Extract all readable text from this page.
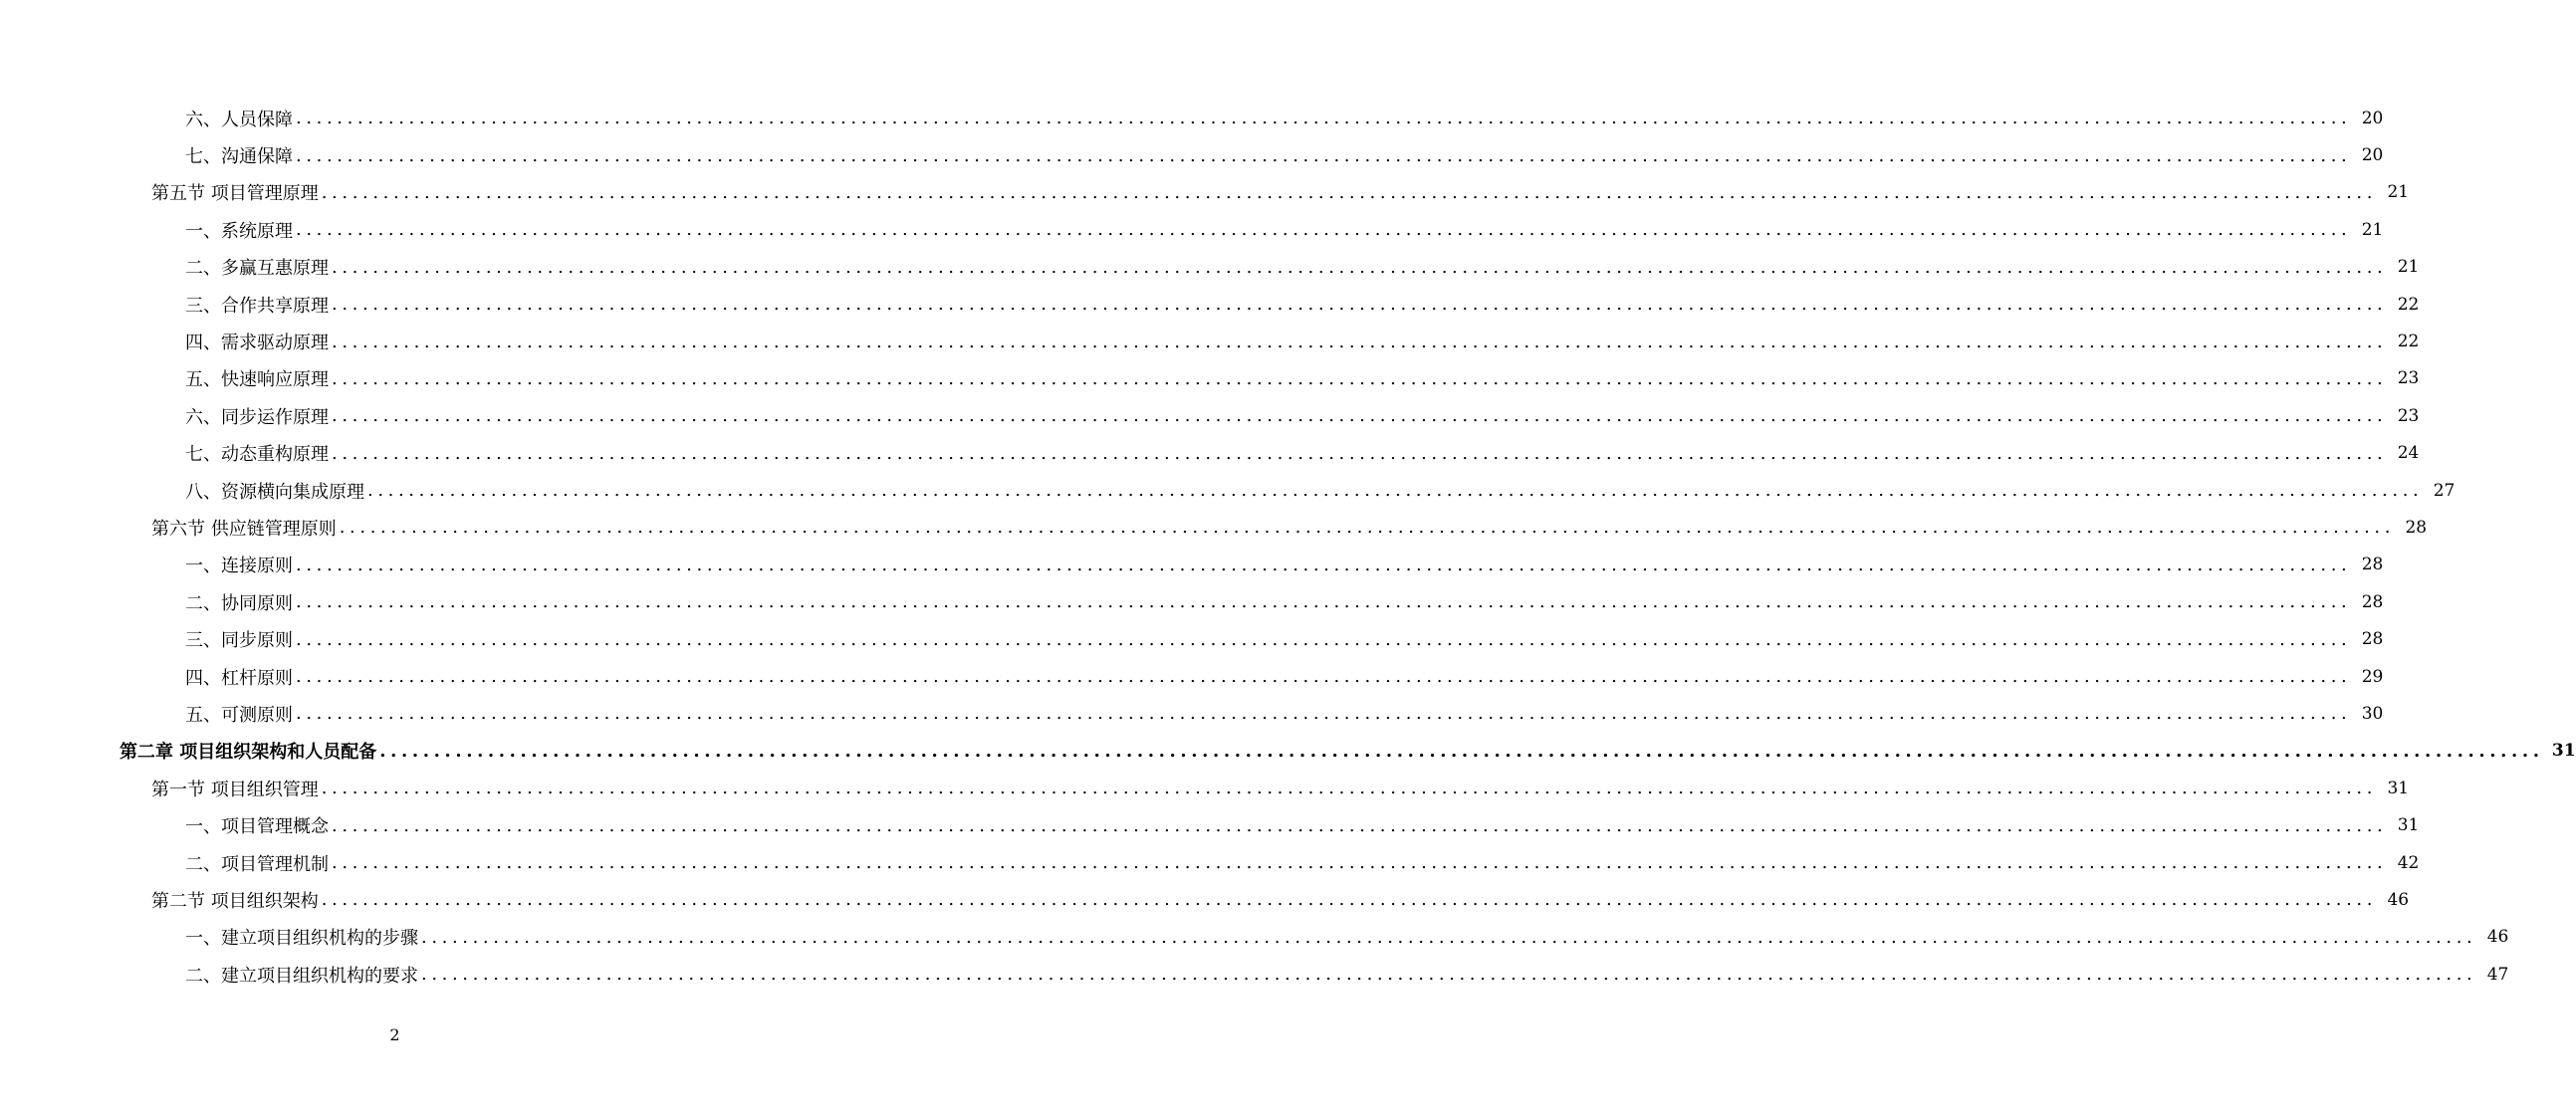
六、人员保障 ........................................................................................................................................................................................................ 20
七、沟通保障 ........................................................................................................................................................................................................ 20
第五节 项目管理原理 ........................................................................................................................................................................................................ 21
一、系统原理 ........................................................................................................................................................................................................ 21
二、多赢互惠原理 ........................................................................................................................................................................................................ 21
三、合作共享原理 ........................................................................................................................................................................................................ 22
四、需求驱动原理 ........................................................................................................................................................................................................ 22
五、快速响应原理 ........................................................................................................................................................................................................ 23
六、同步运作原理 ........................................................................................................................................................................................................ 23
七、动态重构原理 ........................................................................................................................................................................................................ 24
八、资源横向集成原理 ........................................................................................................................................................................................................ 27
第六节 供应链管理原则 ........................................................................................................................................................................................................ 28
一、连接原则 ........................................................................................................................................................................................................ 28
二、协同原则 ........................................................................................................................................................................................................ 28
三、同步原则 ........................................................................................................................................................................................................ 28
四、杠杆原则 ........................................................................................................................................................................................................ 29
五、可测原则 ........................................................................................................................................................................................................ 30
第二章 项目组织架构和人员配备 ........................................................................................................................................................................................................ 31
第一节 项目组织管理 ........................................................................................................................................................................................................ 31
一、项目管理概念 ........................................................................................................................................................................................................ 31
二、项目管理机制 ........................................................................................................................................................................................................ 42
第二节 项目组织架构 ........................................................................................................................................................................................................ 46
一、建立项目组织机构的步骤 ........................................................................................................................................................................................................ 46
二、建立项目组织机构的要求 ........................................................................................................................................................................................................ 47
2
